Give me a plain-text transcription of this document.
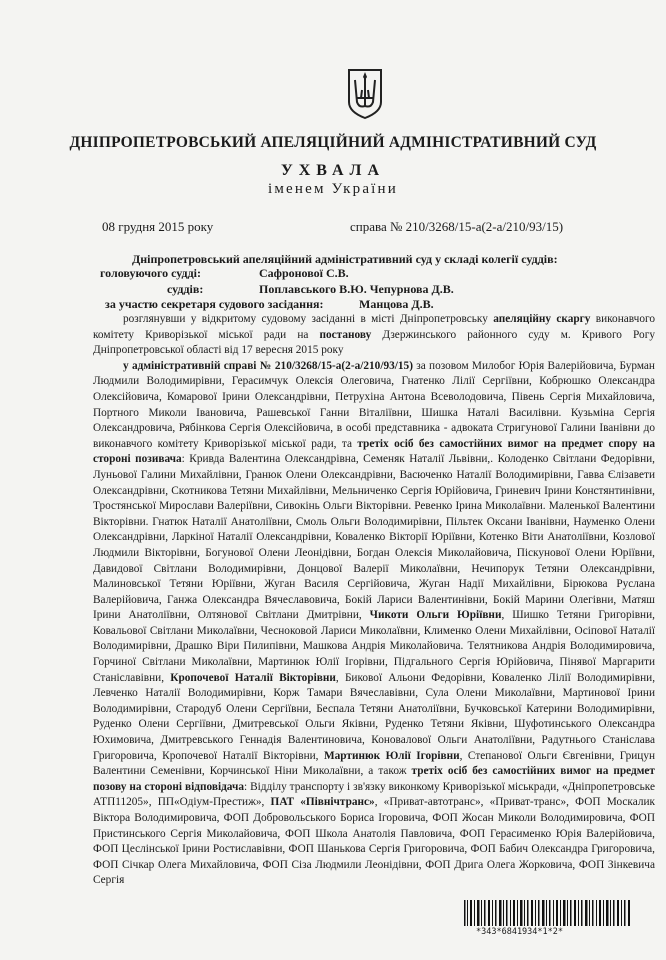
ДНІПРОПЕТРОВСЬКИЙ АПЕЛЯЦІЙНИЙ АДМІНІСТРАТИВНИЙ СУД
УХВАЛА
іменем України
08 грудня 2015 року	справа № 210/3268/15-а(2-а/210/93/15)
Дніпропетровський апеляційний адміністративний суд у складі колегії суддів:
головуючого судді:	Сафронової С.В.
суддів:	Поплавського В.Ю. Чепурнова Д.В.
за участю секретаря судового засідання:	Манцова Д.В.

розглянувши у відкритому судовому засіданні в місті Дніпропетровську апеляційну скаргу виконавчого комітету Криворізької міської ради на постанову Дзержинського районного суду м. Кривого Рогу Дніпропетровської області від 17 вересня 2015 року

у адміністративній справі № 210/3268/15-а(2-а/210/93/15) за позовом Милобог Юрія Валерійовича, Бурман Людмили Володимирівни, Герасимчук Олексія Олеговича, Гнатенко Лілії Сергіївни, Кобрюшко Олександра Олексійовича, Комарової Ірини Олександрівни, Петрухіна Антона Всеволодовича, Півень Сергія Михайловича, Портного Миколи Івановича, Рашевської Ганни Віталіївни, Шишка Наталі Василівни. Кузьміна Сергія Олександровича, Рябінкова Сергія Олексійовича, в особі представника - адвоката Стригунової Галини Іванівни до виконавчого комітету Криворізької міської ради, та третіх осіб без самостійних вимог на предмет спору на стороні позивача: Кривда Валентина Олександрівна, Семеняк Наталії Львівни,. Колоденко Світлани Федорівни, Луньової Галини Михайлівни, Гранюк Олени Олександрівни, Васюченко Наталії Володимирівни, Гавва Єлізавети Олександрівни, Скотникова Тетяни Михайлівни, Мельниченко Сергія Юрійовича, Гриневич Ірини Констянтинівни, Тростянської Мирослави Валеріївни, Сивокінь Ольги Вікторівни. Ревенко Ірина Миколаївни. Маленької Валентини Вікторівни. Гнатюк Наталії Анатоліївни, Смоль Ольги Володимирівни, Пільтек Оксани Іванівни, Науменко Олени Олександрівни, Ларкіної Наталії Олександрівни, Коваленко Вікторії Юріївни, Котенко Віти Анатоліївни, Козлової Людмили Вікторівни, Богунової Олени Леонідівни, Богдан Олексія Миколайовича, Піскунової Олени Юріївни, Давидової Світлани Володимирівни, Донцової Валерії Миколаївни, Нечипорук Тетяни Олександрівни, Малиновської Тетяни Юріївни, Жуган Василя Сергійовича, Жуган Надії Михайлівни, Бірюкова Руслана Валерійовича, Ганжа Олександра Вячеславовича, Бокій Лариси Валентинівни, Бокій Марини Олегівни, Матяш Ірини Анатоліївни, Олтянової Світлани Дмитрівни, Чикоти Ольги Юріївни, Шишко Тетяни Григорівни, Ковальової Світлани Миколаївни, Чесноковой Лариси Миколаївни, Клименко Олени Михайлівни, Осіпової Наталії Володимирівни, Драшко Віри Пилипівни, Машкова Андрія Миколайовича. Телятникова Андрія Володимировича, Горчиної Світлани Миколаївни, Мартинюк Юлії Ігорівни, Підгального Сергія Юрійовича, Пінявої Маргарити Станіславівни, Кропочевої Наталії Вікторівни, Бикової Альони Федорівни, Коваленко Лілії Володимирівни, Левченко Наталії Володимирівни, Корж Тамари Вячеславівни, Сула Олени Миколаївни, Мартинової Ірини Володимирівни, Стародуб Олени Сергіївни, Беспала Тетяни Анатоліївни, Бучковської Катерини Володимирівни, Руденко Олени Сергіївни, Дмитревської Ольги Яківни, Руденко Тетяни Яківни, Шуфотинського Олександра Юхимовича, Дмитревського Геннадія Валентиновича, Коновалової Ольги Анатоліївни, Радутнього Станіслава Григоровича, Кропочевої Наталії Вікторівни, Мартинюк Юлії Ігорівни, Степанової Ольги Євгенівни, Грицун Валентини Семенівни, Корчинської Ніни Миколаївни, а також третіх осіб без самостійних вимог на предмет позову на стороні відповідача: Відділу транспорту і зв'язку виконкому Криворізької міськради, «Дніпропетровське АТП11205», ПП«Одіум-Престиж», ПАТ «Північтранс», «Приват-автотранс», «Приват-транс», ФОП Москалик Віктора Володимировича, ФОП Добровольського Бориса Ігоровича, ФОП Жосан Миколи Володимировича, ФОП Пристинського Сергія Миколайовича, ФОП Школа Анатолія Павловича, ФОП Герасименко Юрія Валерійовича, ФОП Цеслінської Ірини Ростиславівни, ФОП Шанькова Сергія Григоровича, ФОП Бабич Олександра Григоровича, ФОП Січкар Олега Михайловича, ФОП Сіза Людмили Леонідівни, ФОП Дрига Олега Жорковича, ФОП Зінкевича Сергія

*343*6841934*1*2*
